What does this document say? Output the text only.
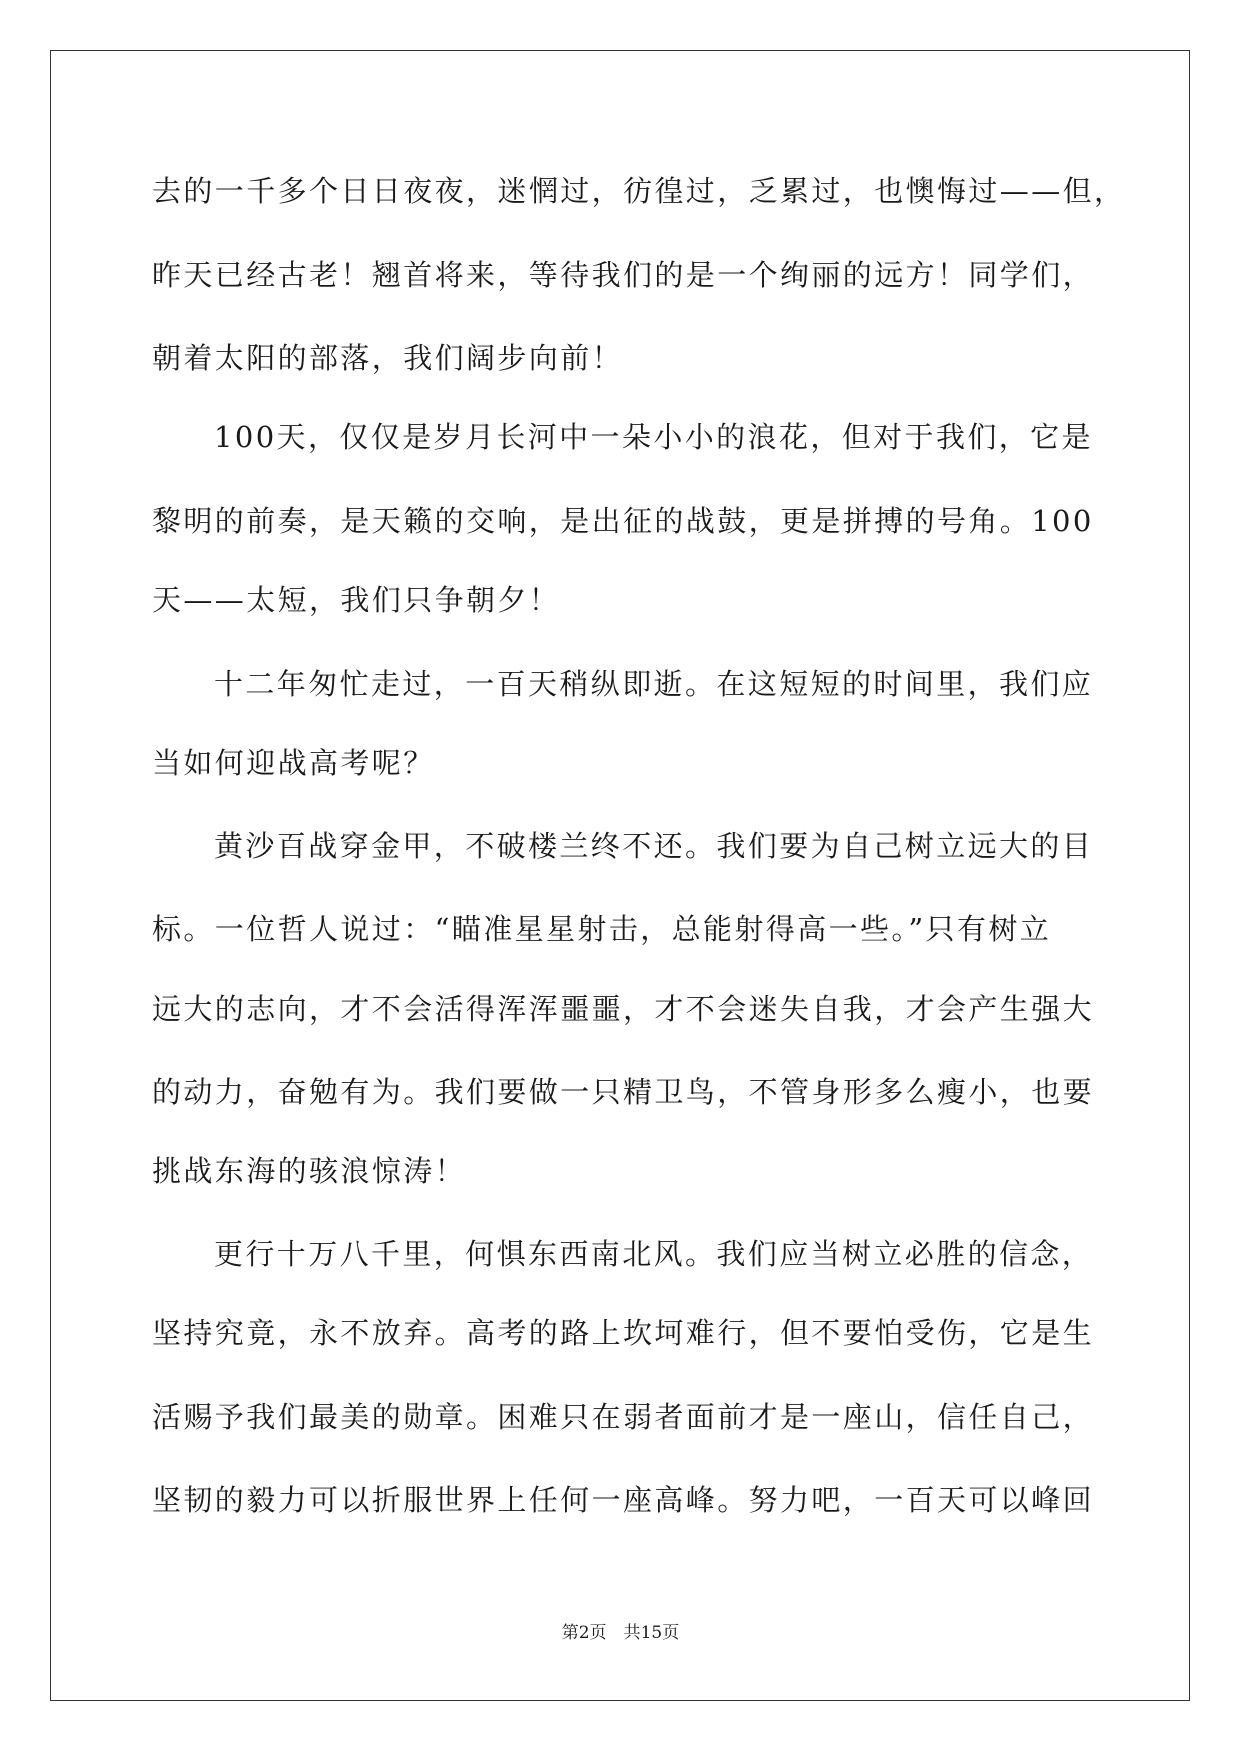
去的一千多个日日夜夜，迷惘过，彷徨过，乏累过，也懊悔过——但，
昨天已经古老！翘首将来，等待我们的是一个绚丽的远方！同学们，
朝着太阳的部落，我们阔步向前！
100天，仅仅是岁月长河中一朵小小的浪花，但对于我们，它是
黎明的前奏，是天籁的交响，是出征的战鼓，更是拼搏的号角。100
天——太短，我们只争朝夕！
十二年匆忙走过，一百天稍纵即逝。在这短短的时间里，我们应
当如何迎战高考呢？
黄沙百战穿金甲，不破楼兰终不还。我们要为自己树立远大的目
标。一位哲人说过：“瞄准星星射击，总能射得高一些。”只有树立
远大的志向，才不会活得浑浑噩噩，才不会迷失自我，才会产生强大
的动力，奋勉有为。我们要做一只精卫鸟，不管身形多么瘦小，也要
挑战东海的骇浪惊涛！
更行十万八千里，何惧东西南北风。我们应当树立必胜的信念，
坚持究竟，永不放弃。高考的路上坎坷难行，但不要怕受伤，它是生
活赐予我们最美的勋章。困难只在弱者面前才是一座山，信任自己，
坚韧的毅力可以折服世界上任何一座高峰。努力吧，一百天可以峰回
第2页　共15页
